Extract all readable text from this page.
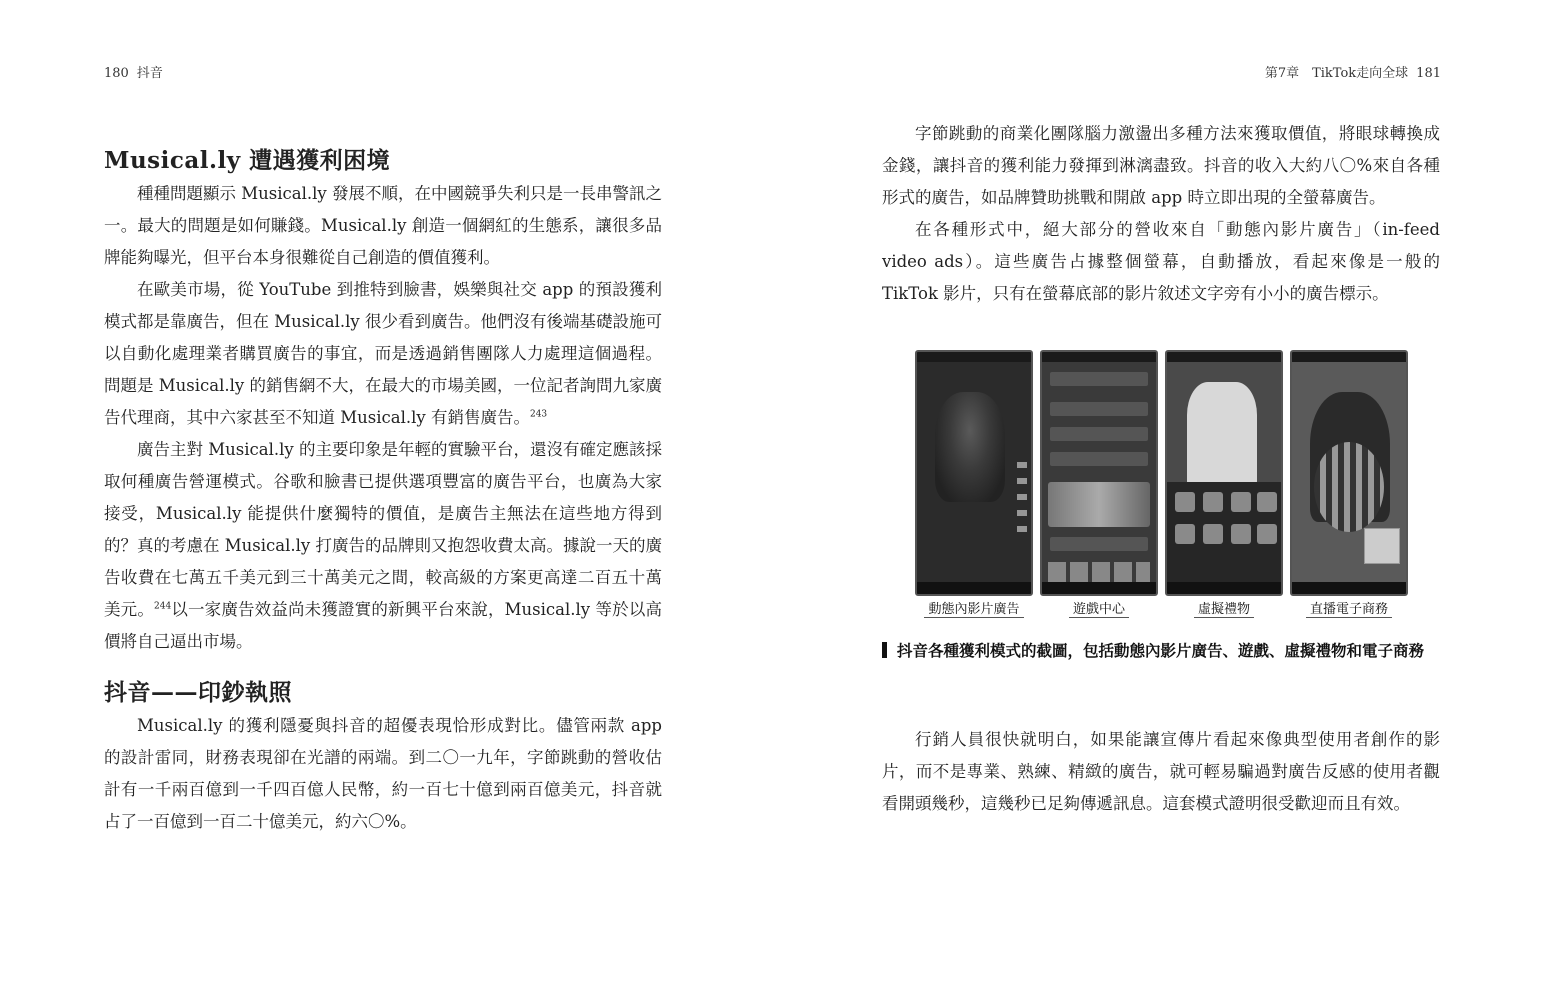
180 抖音
Musical.ly 遭遇獲利困境

種種問題顯示 Musical.ly 發展不順，在中國競爭失利只是一長串警訊之一。最大的問題是如何賺錢。Musical.ly 創造一個網紅的生態系，讓很多品牌能夠曝光，但平台本身很難從自己創造的價值獲利。

在歐美市場，從 YouTube 到推特到臉書，娛樂與社交 app 的預設獲利模式都是靠廣告，但在 Musical.ly 很少看到廣告。他們沒有後端基礎設施可以自動化處理業者購買廣告的事宜，而是透過銷售團隊人力處理這個過程。問題是 Musical.ly 的銷售網不大，在最大的市場美國，一位記者詢問九家廣告代理商，其中六家甚至不知道 Musical.ly 有銷售廣告。$^{243}$

廣告主對 Musical.ly 的主要印象是年輕的實驗平台，還沒有確定應該採取何種廣告營運模式。谷歌和臉書已提供選項豐富的廣告平台，也廣為大家接受，Musical.ly 能提供什麼獨特的價值，是廣告主無法在這些地方得到的？真的考慮在 Musical.ly 打廣告的品牌則又抱怨收費太高。據說一天的廣告收費在七萬五千美元到三十萬美元之間，較高級的方案更高達二百五十萬美元。$^{244}$以一家廣告效益尚未獲證實的新興平台來說，Musical.ly 等於以高價將自己逼出市場。

抖音——印鈔執照

Musical.ly 的獲利隱憂與抖音的超優表現恰形成對比。儘管兩款 app 的設計雷同，財務表現卻在光譜的兩端。到二〇一九年，字節跳動的營收估計有一千兩百億到一千四百億人民幣，約一百七十億到兩百億美元，抖音就占了一百億到一百二十億美元，約六〇%。

第7章　TikTok走向全球 181

字節跳動的商業化團隊腦力激盪出多種方法來獲取價值，將眼球轉換成金錢，讓抖音的獲利能力發揮到淋漓盡致。抖音的收入大約八〇%來自各種形式的廣告，如品牌贊助挑戰和開啟 app 時立即出現的全螢幕廣告。

在各種形式中，絕大部分的營收來自「動態內影片廣告」（in-feed video ads）。這些廣告占據整個螢幕，自動播放，看起來像是一般的 TikTok 影片，只有在螢幕底部的影片敘述文字旁有小小的廣告標示。

動態內影片廣告	遊戲中心	虛擬禮物	直播電子商務
抖音各種獲利模式的截圖，包括動態內影片廣告、遊戲、虛擬禮物和電子商務

行銷人員很快就明白，如果能讓宣傳片看起來像典型使用者創作的影片，而不是專業、熟練、精緻的廣告，就可輕易騙過對廣告反感的使用者觀看開頭幾秒，這幾秒已足夠傳遞訊息。這套模式證明很受歡迎而且有效。
